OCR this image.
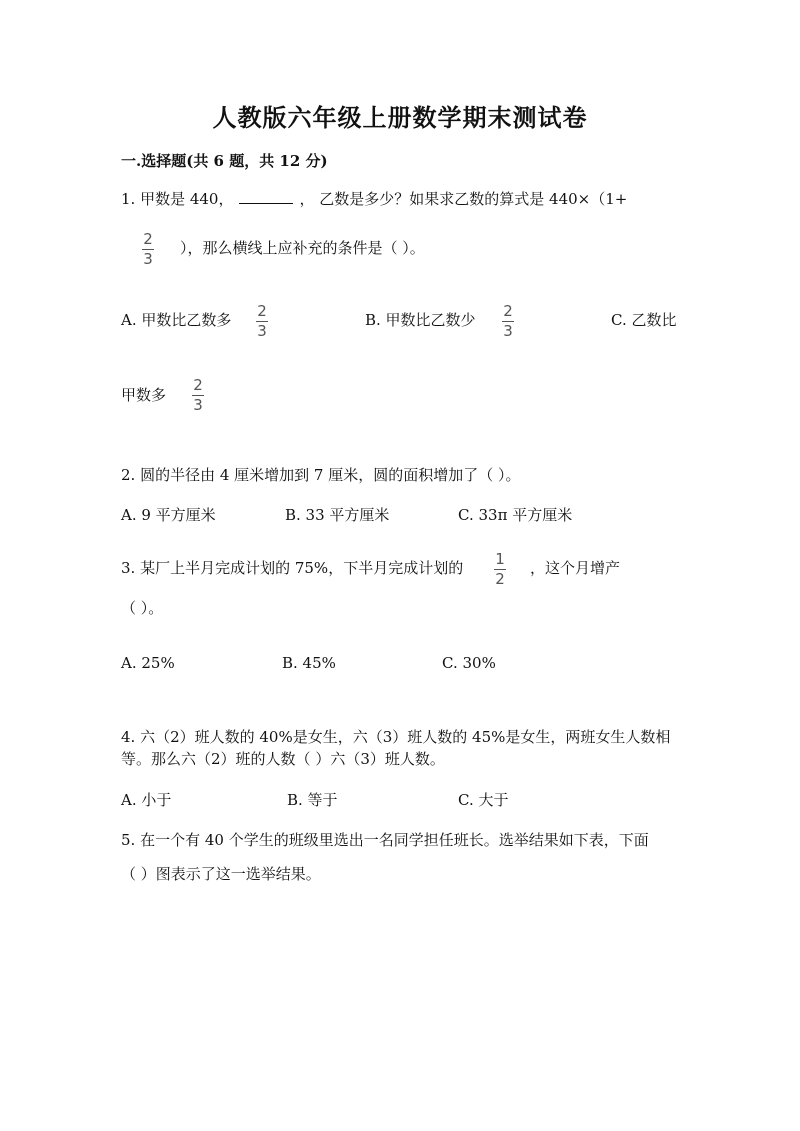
人教版六年级上册数学期末测试卷
一.选择题(共 6 题，共 12 分)
1. 甲数是 440，	， 乙数是多少？如果求乙数的算式是 440×（1+
2
3
），那么横线上应补充的条件是（ ）。
A. 甲数比乙数多 2
3
B. 甲数比乙数少 2
3
C. 乙数比
甲数多
2
3
2. 圆的半径由 4 厘米增加到 7 厘米，圆的面积增加了（ ）。
A. 9 平方厘米	B. 33 平方厘米	C. 33π 平方厘米
3. 某厂上半月完成计划的 75%，下半月完成计划的 1
2
，这个月增产
（ ）。
A. 25%	B. 45%	C. 30%
4. 六（2）班人数的 40%是女生，六（3）班人数的 45%是女生，两班女生人数相
等。那么六（2）班的人数（ ）六（3）班人数。
A. 小于	B. 等于	C. 大于
5. 在一个有 40 个学生的班级里选出一名同学担任班长。选举结果如下表，下面
（ ）图表示了这一选举结果。
